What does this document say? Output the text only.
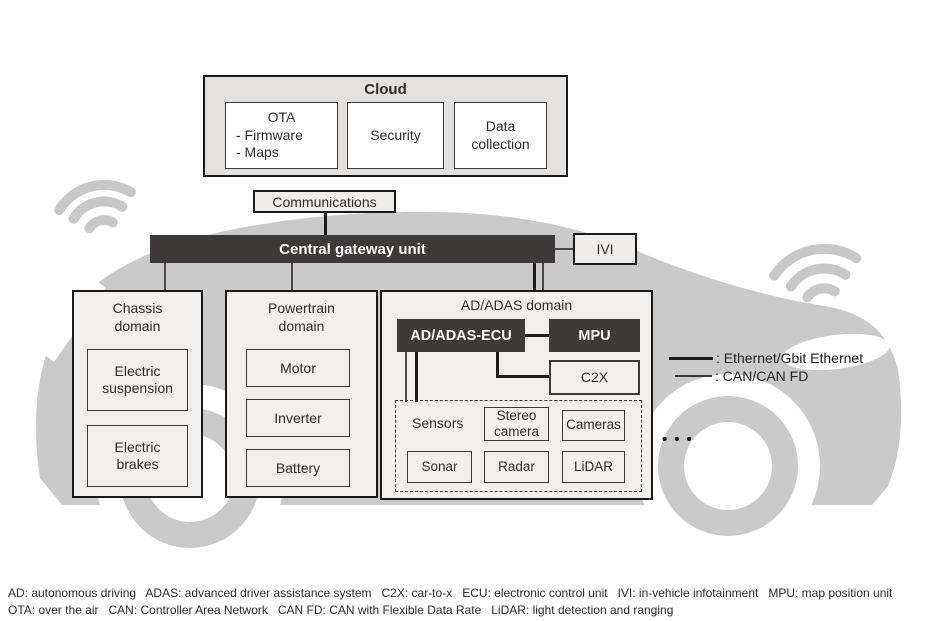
Cloud
OTA
- Firmware
- Maps
Security
Data collection
Communications
Central gateway unit	IVI
Chassis domain
Electric suspension
Electric brakes
Powertrain domain
Motor
Inverter
Battery
AD/ADAS domain
AD/ADAS-ECU	MPU
C2X
Sensors	Stereo camera	Cameras
Sonar	Radar	LiDAR
: Ethernet/Gbit Ethernet
: CAN/CAN FD
•••
AD: autonomous driving   ADAS: advanced driver assistance system   C2X: car-to-x   ECU: electronic control unit   IVI: in-vehicle infotainment   MPU: map position unit
OTA: over the air   CAN: Controller Area Network   CAN FD: CAN with Flexible Data Rate   LiDAR: light detection and ranging
